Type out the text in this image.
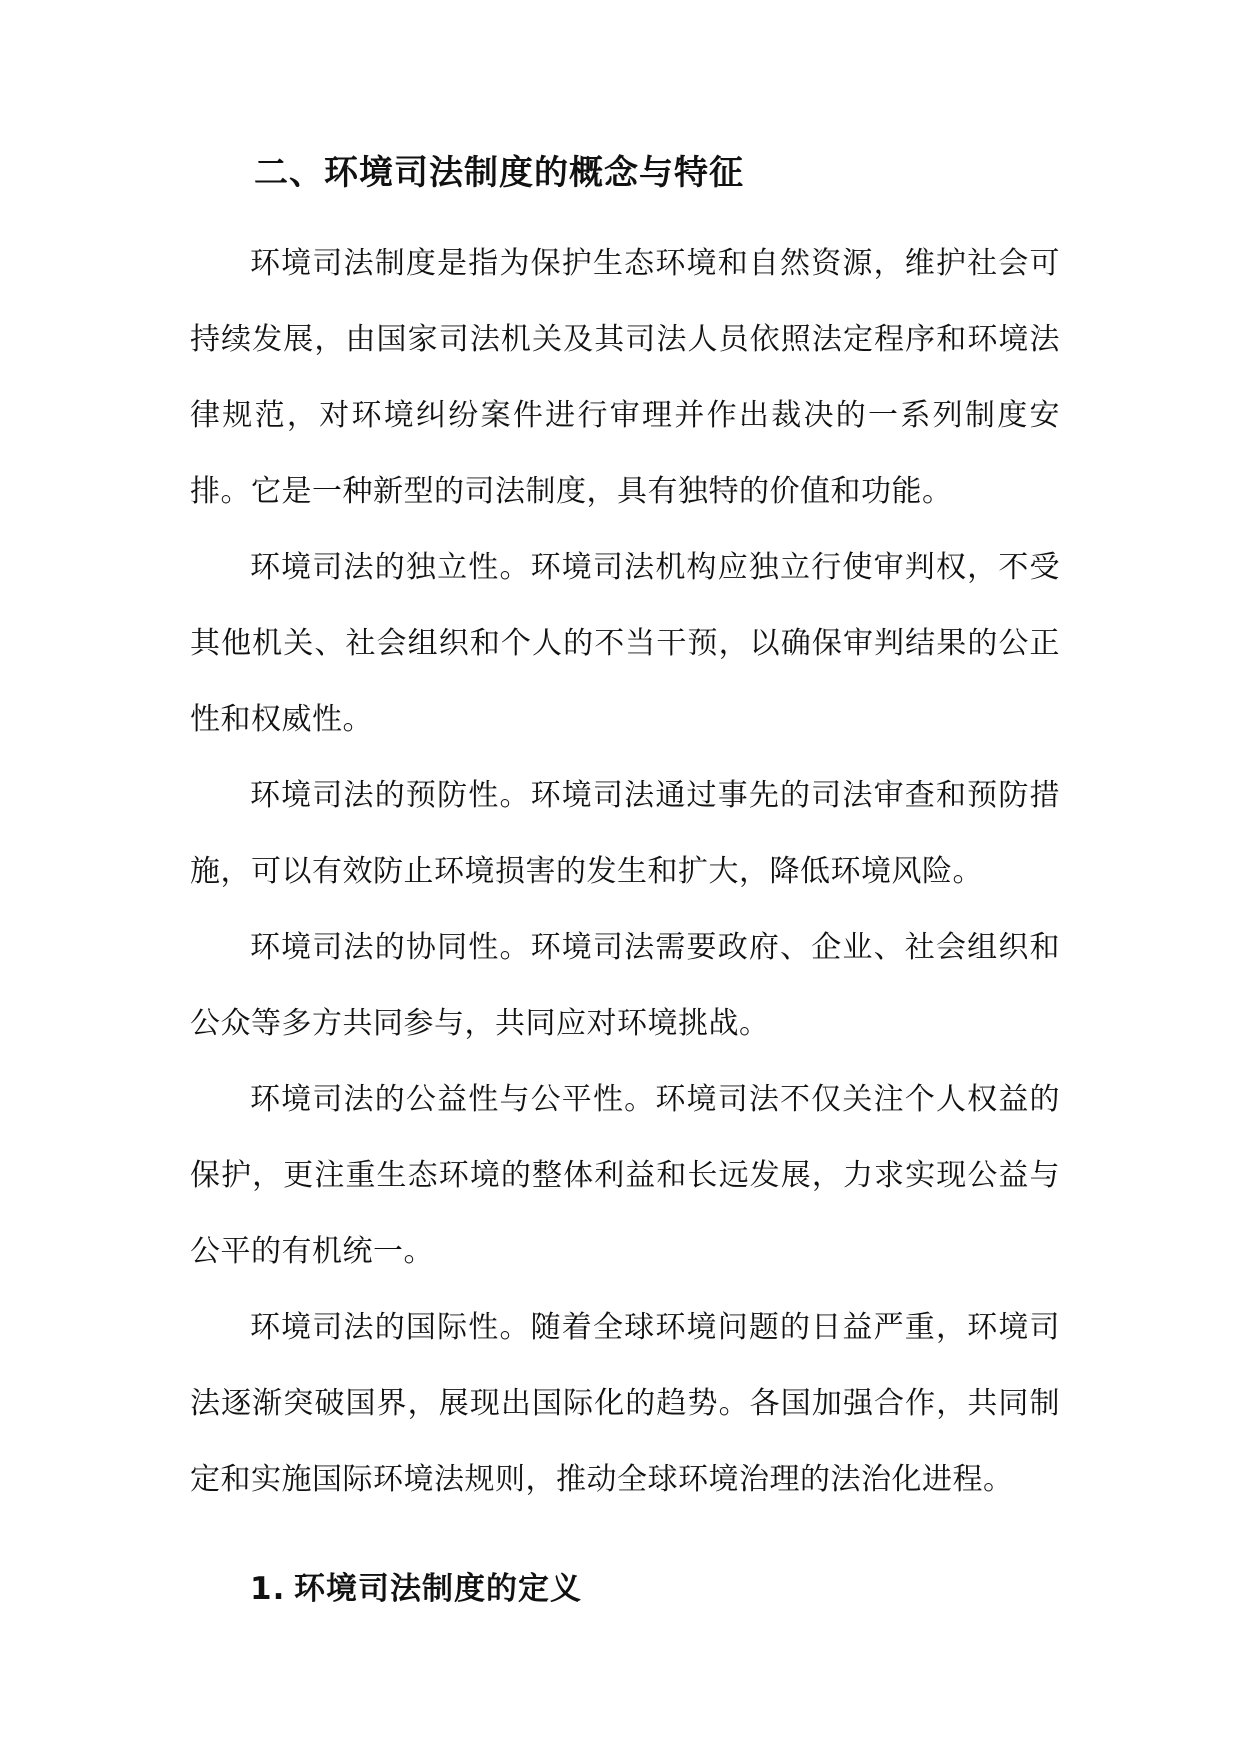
二、环境司法制度的概念与特征

环境司法制度是指为保护生态环境和自然资源，维护社会可持续发展，由国家司法机关及其司法人员依照法定程序和环境法律规范，对环境纠纷案件进行审理并作出裁决的一系列制度安排。它是一种新型的司法制度，具有独特的价值和功能。

环境司法的独立性。环境司法机构应独立行使审判权，不受其他机关、社会组织和个人的不当干预，以确保审判结果的公正性和权威性。

环境司法的预防性。环境司法通过事先的司法审查和预防措施，可以有效防止环境损害的发生和扩大，降低环境风险。

环境司法的协同性。环境司法需要政府、企业、社会组织和公众等多方共同参与，共同应对环境挑战。

环境司法的公益性与公平性。环境司法不仅关注个人权益的保护，更注重生态环境的整体利益和长远发展，力求实现公益与公平的有机统一。

环境司法的国际性。随着全球环境问题的日益严重，环境司法逐渐突破国界，展现出国际化的趋势。各国加强合作，共同制定和实施国际环境法规则，推动全球环境治理的法治化进程。

1. 环境司法制度的定义
